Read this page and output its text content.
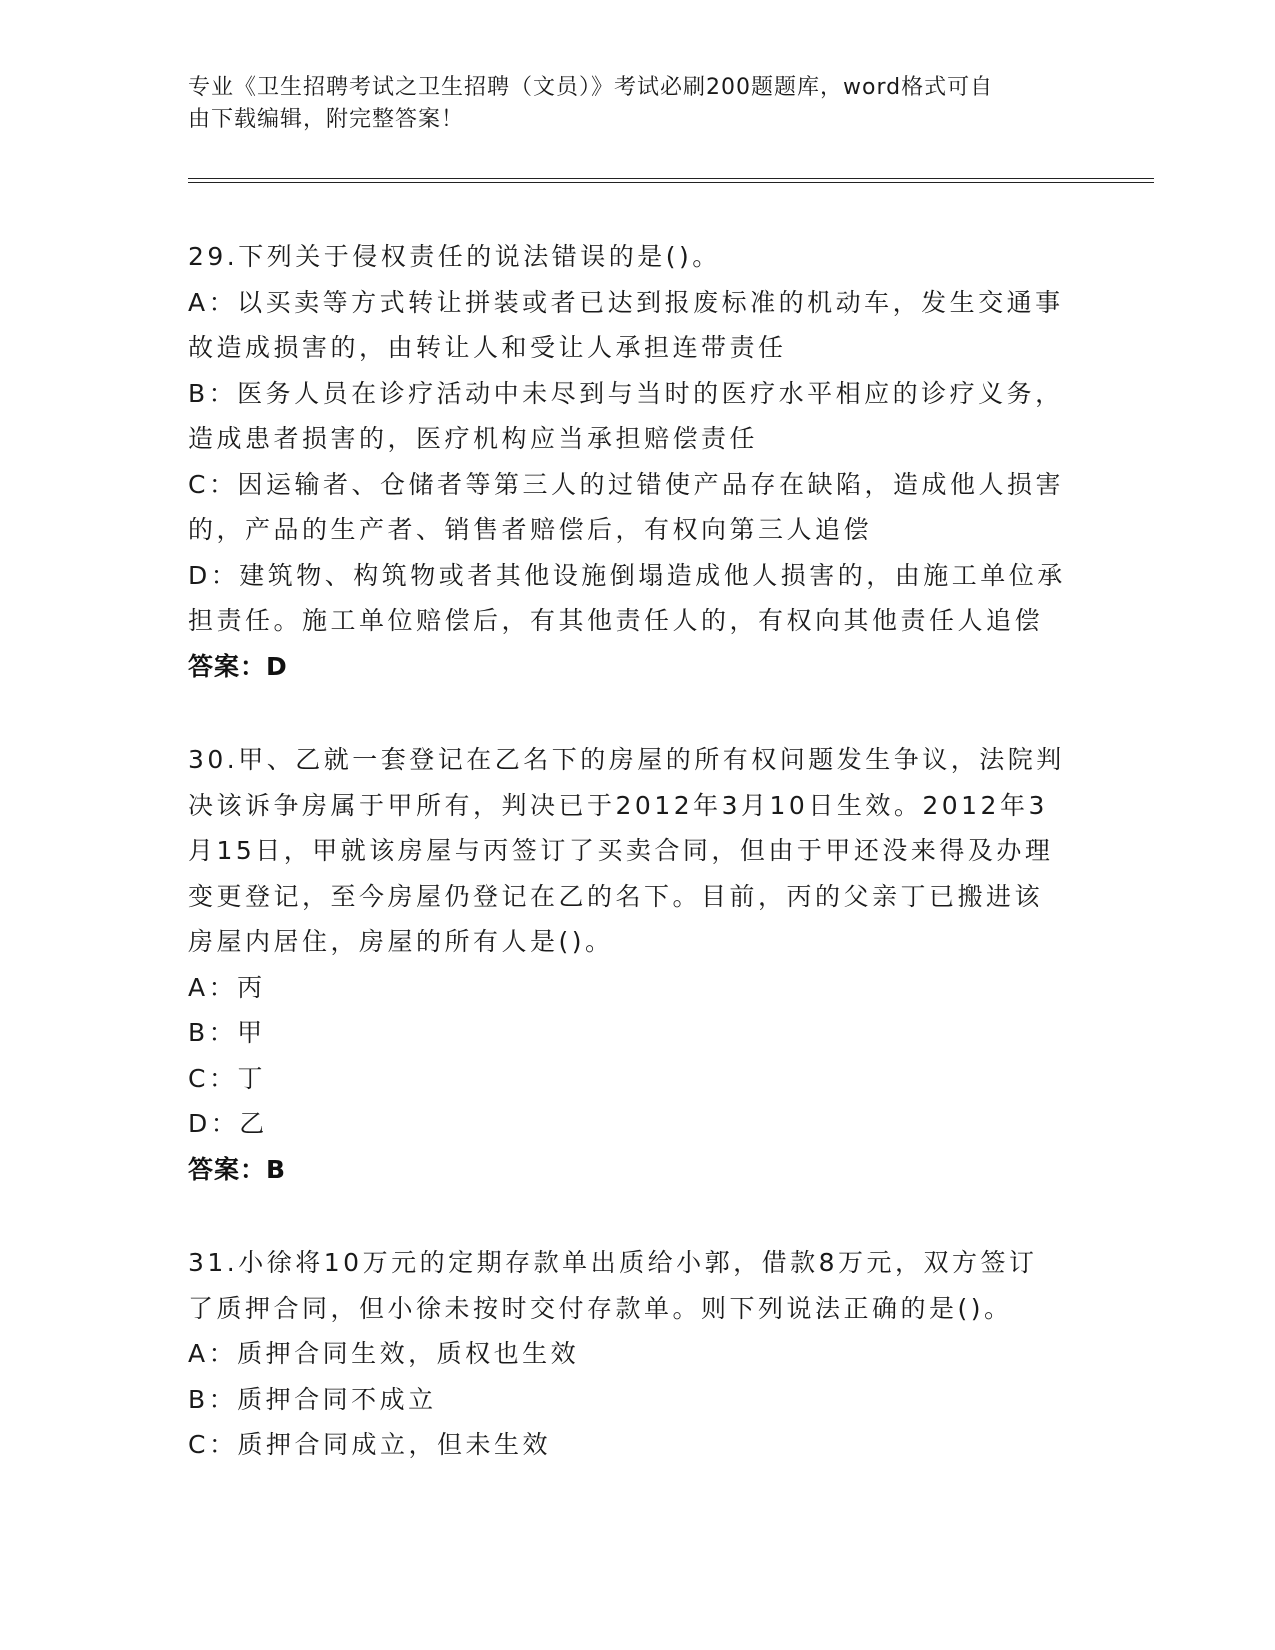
专业《卫生招聘考试之卫生招聘（文员）》考试必刷200题题库，word格式可自
由下载编辑，附完整答案！
29.下列关于侵权责任的说法错误的是()。
A：以买卖等方式转让拼装或者已达到报废标准的机动车，发生交通事
故造成损害的，由转让人和受让人承担连带责任
B：医务人员在诊疗活动中未尽到与当时的医疗水平相应的诊疗义务，
造成患者损害的，医疗机构应当承担赔偿责任
C：因运输者、仓储者等第三人的过错使产品存在缺陷，造成他人损害
的，产品的生产者、销售者赔偿后，有权向第三人追偿
D：建筑物、构筑物或者其他设施倒塌造成他人损害的，由施工单位承
担责任。施工单位赔偿后，有其他责任人的，有权向其他责任人追偿
答案：D
30.甲、乙就一套登记在乙名下的房屋的所有权问题发生争议，法院判
决该诉争房属于甲所有，判决已于2012年3月10日生效。2012年3
月15日，甲就该房屋与丙签订了买卖合同，但由于甲还没来得及办理
变更登记，至今房屋仍登记在乙的名下。目前，丙的父亲丁已搬进该
房屋内居住，房屋的所有人是()。
A：丙
B：甲
C：丁
D：乙
答案：B
31.小徐将10万元的定期存款单出质给小郭，借款8万元，双方签订
了质押合同，但小徐未按时交付存款单。则下列说法正确的是()。
A：质押合同生效，质权也生效
B：质押合同不成立
C：质押合同成立，但未生效
